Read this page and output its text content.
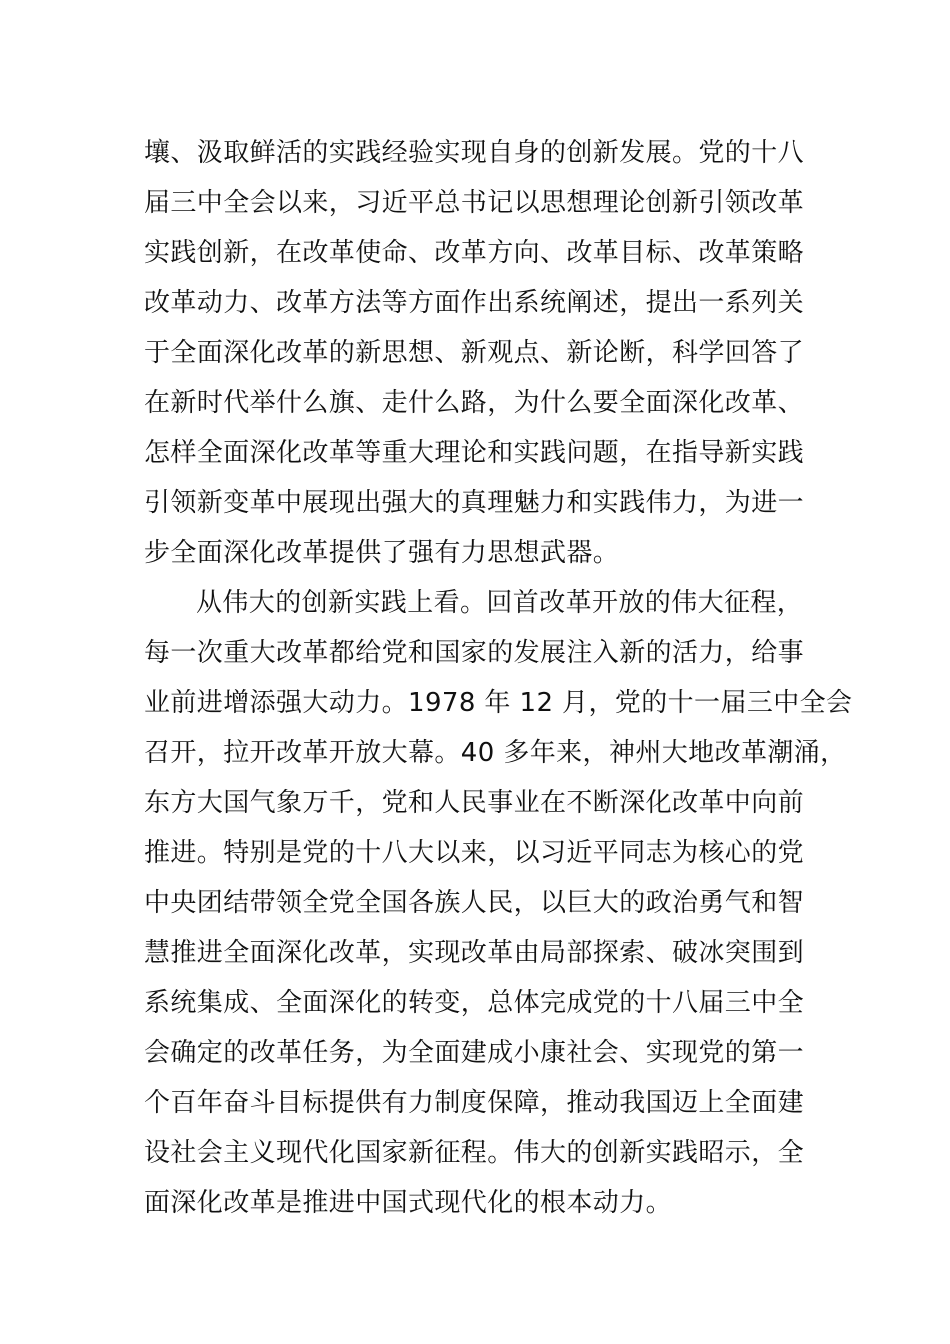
壤、汲取鲜活的实践经验实现自身的创新发展。党的十八
届三中全会以来，习近平总书记以思想理论创新引领改革
实践创新，在改革使命、改革方向、改革目标、改革策略
改革动力、改革方法等方面作出系统阐述，提出一系列关
于全面深化改革的新思想、新观点、新论断，科学回答了
在新时代举什么旗、走什么路，为什么要全面深化改革、
怎样全面深化改革等重大理论和实践问题，在指导新实践
引领新变革中展现出强大的真理魅力和实践伟力，为进一
步全面深化改革提供了强有力思想武器。
从伟大的创新实践上看。回首改革开放的伟大征程，
每一次重大改革都给党和国家的发展注入新的活力，给事
业前进增添强大动力。1978 年 12 月，党的十一届三中全会
召开，拉开改革开放大幕。40 多年来，神州大地改革潮涌，
东方大国气象万千，党和人民事业在不断深化改革中向前
推进。特别是党的十八大以来，以习近平同志为核心的党
中央团结带领全党全国各族人民，以巨大的政治勇气和智
慧推进全面深化改革，实现改革由局部探索、破冰突围到
系统集成、全面深化的转变，总体完成党的十八届三中全
会确定的改革任务，为全面建成小康社会、实现党的第一
个百年奋斗目标提供有力制度保障，推动我国迈上全面建
设社会主义现代化国家新征程。伟大的创新实践昭示，全
面深化改革是推进中国式现代化的根本动力。
